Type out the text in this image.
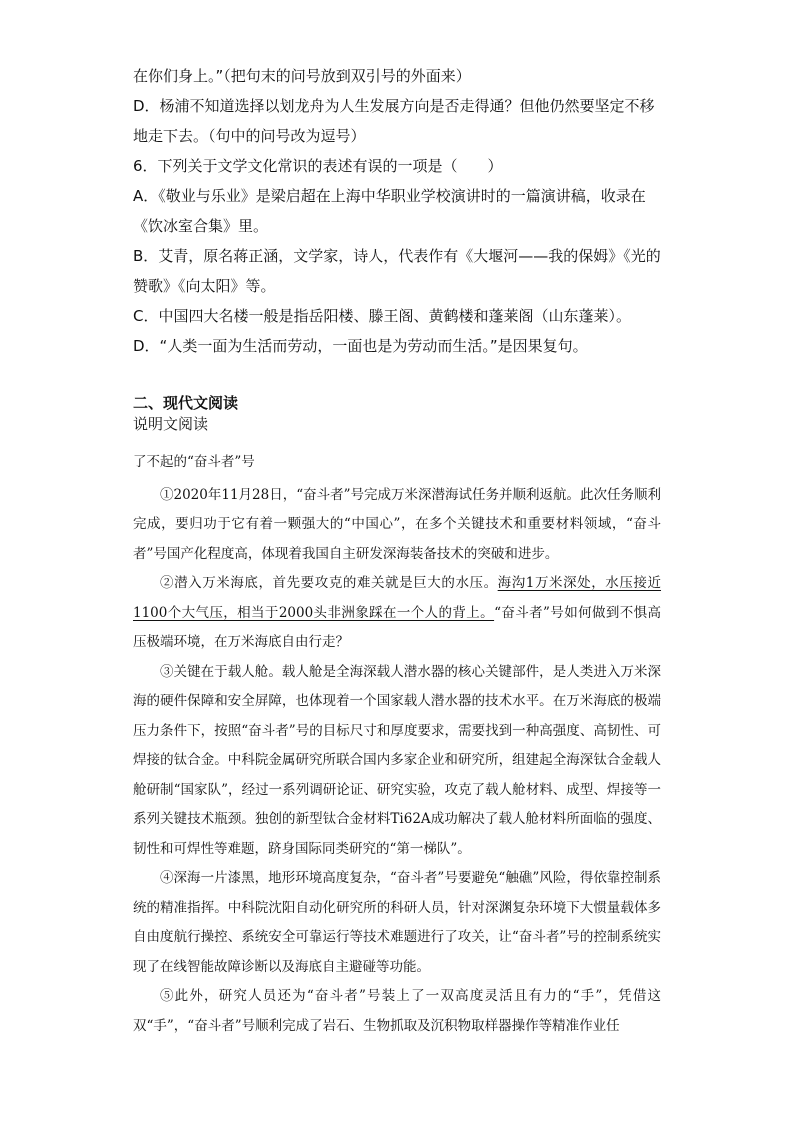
在你们身上。”（把句末的问号放到双引号的外面来）

D．杨浦不知道选择以划龙舟为人生发展方向是否走得通？但他仍然要坚定不移地走下去。（句中的问号改为逗号）

6．下列关于文学文化常识的表述有误的一项是（　　）

A．《敬业与乐业》是梁启超在上海中华职业学校演讲时的一篇演讲稿，收录在《饮冰室合集》里。

B．艾青，原名蒋正涵，文学家，诗人，代表作有《大堰河——我的保姆》《光的赞歌》《向太阳》等。

C．中国四大名楼一般是指岳阳楼、滕王阁、黄鹤楼和蓬莱阁（山东蓬莱）。

D．“人类一面为生活而劳动，一面也是为劳动而生活。”是因果复句。

二、现代文阅读
说明文阅读

了不起的“奋斗者”号

①2020年11月28日，“奋斗者”号完成万米深潜海试任务并顺利返航。此次任务顺利完成，要归功于它有着一颗强大的“中国心”，在多个关键技术和重要材料领域，“奋斗者”号国产化程度高，体现着我国自主研发深海装备技术的突破和进步。

②潜入万米海底，首先要攻克的难关就是巨大的水压。海沟1万米深处，水压接近1100个大气压，相当于2000头非洲象踩在一个人的背上。“奋斗者”号如何做到不惧高压极端环境，在万米海底自由行走？

③关键在于载人舱。载人舱是全海深载人潜水器的核心关键部件，是人类进入万米深海的硬件保障和安全屏障，也体现着一个国家载人潜水器的技术水平。在万米海底的极端压力条件下，按照“奋斗者”号的目标尺寸和厚度要求，需要找到一种高强度、高韧性、可焊接的钛合金。中科院金属研究所联合国内多家企业和研究所，组建起全海深钛合金载人舱研制“国家队”，经过一系列调研论证、研究实验，攻克了载人舱材料、成型、焊接等一系列关键技术瓶颈。独创的新型钛合金材料Ti62A成功解决了载人舱材料所面临的强度、韧性和可焊性等难题，跻身国际同类研究的“第一梯队”。

④深海一片漆黑，地形环境高度复杂，“奋斗者”号要避免“触礁”风险，得依靠控制系统的精准指挥。中科院沈阳自动化研究所的科研人员，针对深渊复杂环境下大惯量载体多自由度航行操控、系统安全可靠运行等技术难题进行了攻关，让“奋斗者”号的控制系统实现了在线智能故障诊断以及海底自主避碰等功能。

⑤此外，研究人员还为“奋斗者”号装上了一双高度灵活且有力的“手”，凭借这双“手”，“奋斗者”号顺利完成了岩石、生物抓取及沉积物取样器操作等精准作业任
